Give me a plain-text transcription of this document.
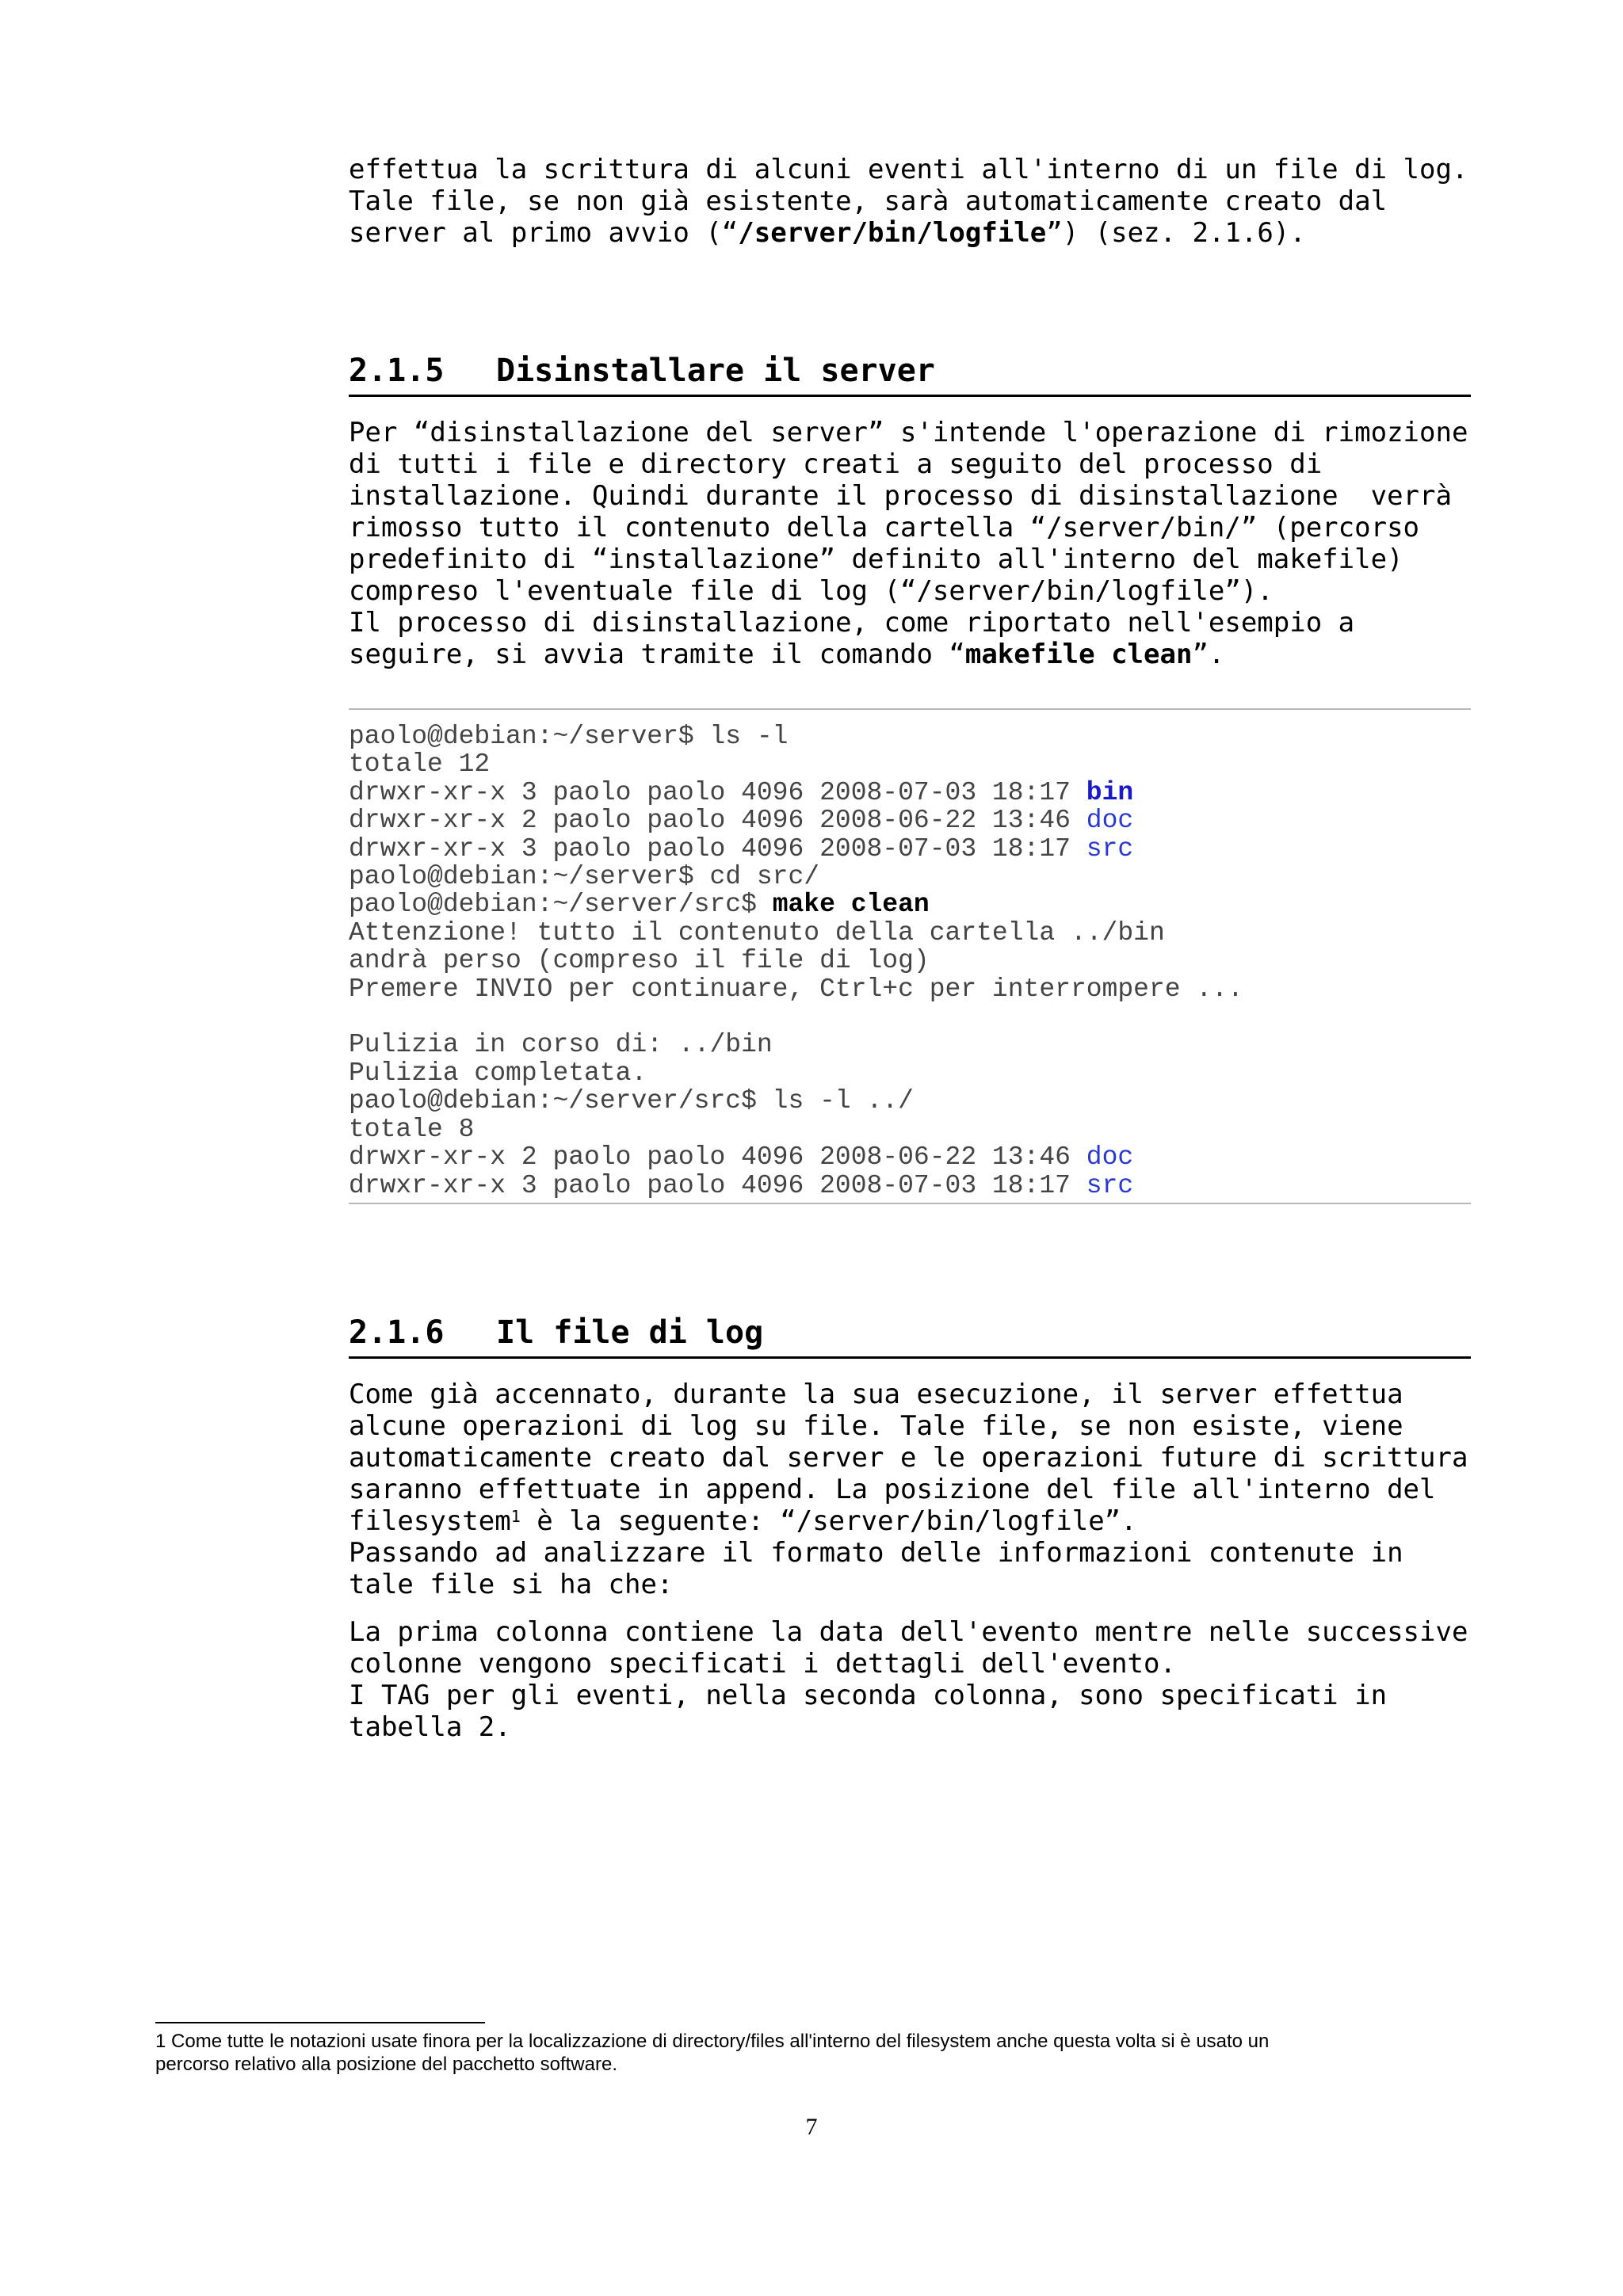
effettua la scrittura di alcuni eventi all'interno di un file di log.
Tale file, se non già esistente, sarà automaticamente creato dal
server al primo avvio (“/server/bin/logfile”) (sez. 2.1.6).
2.1.5 Disinstallare il server
Per “disinstallazione del server” s'intende l'operazione di rimozione
di tutti i file e directory creati a seguito del processo di
installazione. Quindi durante il processo di disinstallazione  verrà
rimosso tutto il contenuto della cartella “/server/bin/” (percorso
predefinito di “installazione” definito all'interno del makefile)
compreso l'eventuale file di log (“/server/bin/logfile”).
Il processo di disinstallazione, come riportato nell'esempio a
seguire, si avvia tramite il comando “makefile clean”.
paolo@debian:~/server$ ls -l
totale 12
drwxr-xr-x 3 paolo paolo 4096 2008-07-03 18:17 bin
drwxr-xr-x 2 paolo paolo 4096 2008-06-22 13:46 doc
drwxr-xr-x 3 paolo paolo 4096 2008-07-03 18:17 src
paolo@debian:~/server$ cd src/
paolo@debian:~/server/src$ make clean
Attenzione! tutto il contenuto della cartella ../bin
andrà perso (compreso il file di log)
Premere INVIO per continuare, Ctrl+c per interrompere ...

Pulizia in corso di: ../bin
Pulizia completata.
paolo@debian:~/server/src$ ls -l ../
totale 8
drwxr-xr-x 2 paolo paolo 4096 2008-06-22 13:46 doc
drwxr-xr-x 3 paolo paolo 4096 2008-07-03 18:17 src
2.1.6 Il file di log
Come già accennato, durante la sua esecuzione, il server effettua
alcune operazioni di log su file. Tale file, se non esiste, viene
automaticamente creato dal server e le operazioni future di scrittura
saranno effettuate in append. La posizione del file all'interno del
filesystem$^1$ è la seguente: “/server/bin/logfile”.
Passando ad analizzare il formato delle informazioni contenute in
tale file si ha che:
La prima colonna contiene la data dell'evento mentre nelle successive
colonne vengono specificati i dettagli dell'evento.
I TAG per gli eventi, nella seconda colonna, sono specificati in
tabella 2.
1 Come tutte le notazioni usate finora per la localizzazione di directory/files all'interno del filesystem anche questa volta si è usato un
percorso relativo alla posizione del pacchetto software.
7
